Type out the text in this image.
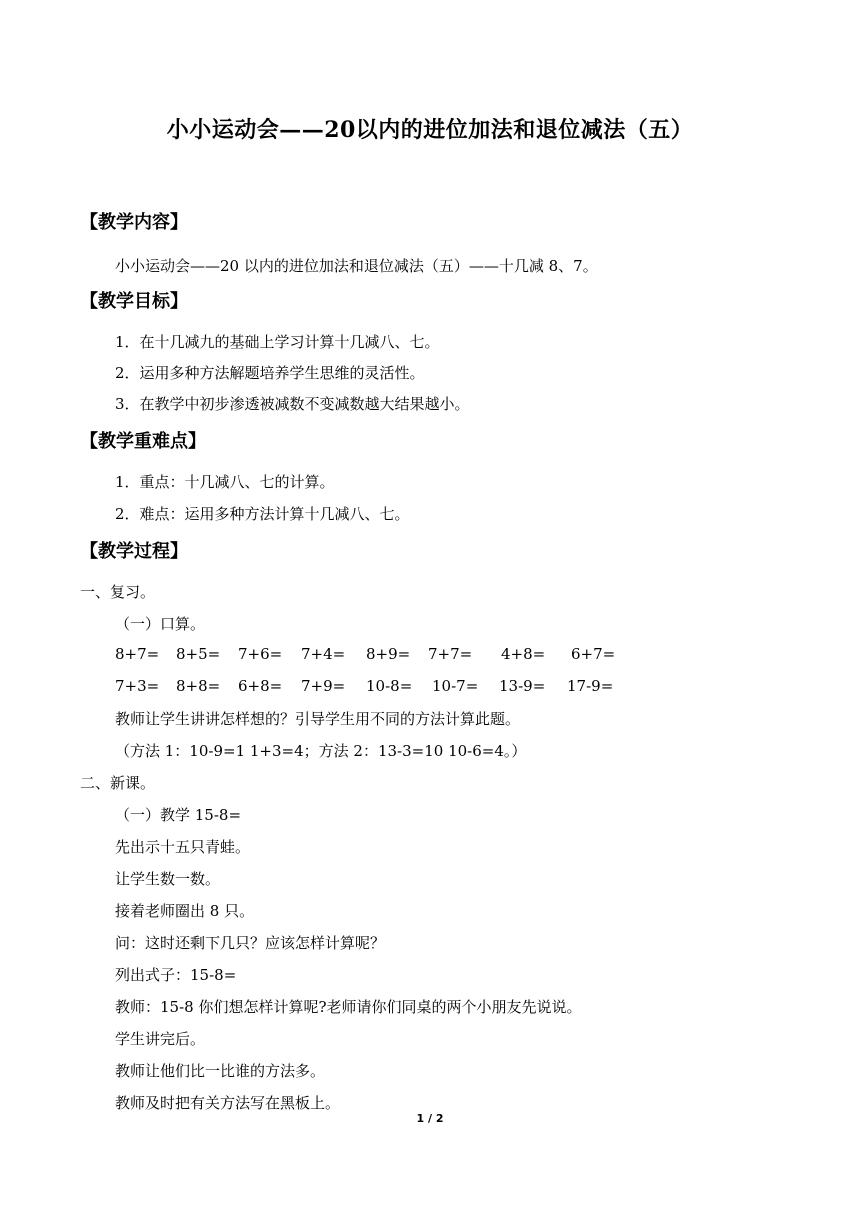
小小运动会——20以内的进位加法和退位减法（五）
【教学内容】
小小运动会——20 以内的进位加法和退位减法（五）——十几减 8、7。
【教学目标】
1．在十几减九的基础上学习计算十几减八、七。
2．运用多种方法解题培养学生思维的灵活性。
3．在教学中初步渗透被减数不变减数越大结果越小。
【教学重难点】
1．重点：十几减八、七的计算。
2．难点：运用多种方法计算十几减八、七。
【教学过程】
一、复习。
（一）口算。
8+7= 8+5= 7+6= 7+4= 8+9= 7+7= 4+8= 6+7=
7+3= 8+8= 6+8= 7+9= 10-8= 10-7= 13-9= 17-9=
教师让学生讲讲怎样想的？引导学生用不同的方法计算此题。
（方法 1：10-9=1 1+3=4；方法 2：13-3=10 10-6=4。）
二、新课。
（一）教学 15-8=
先出示十五只青蛙。
让学生数一数。
接着老师圈出 8 只。
问：这时还剩下几只？应该怎样计算呢？
列出式子：15-8=
教师：15-8 你们想怎样计算呢?老师请你们同桌的两个小朋友先说说。
学生讲完后。
教师让他们比一比谁的方法多。
教师及时把有关方法写在黑板上。
1 / 2
